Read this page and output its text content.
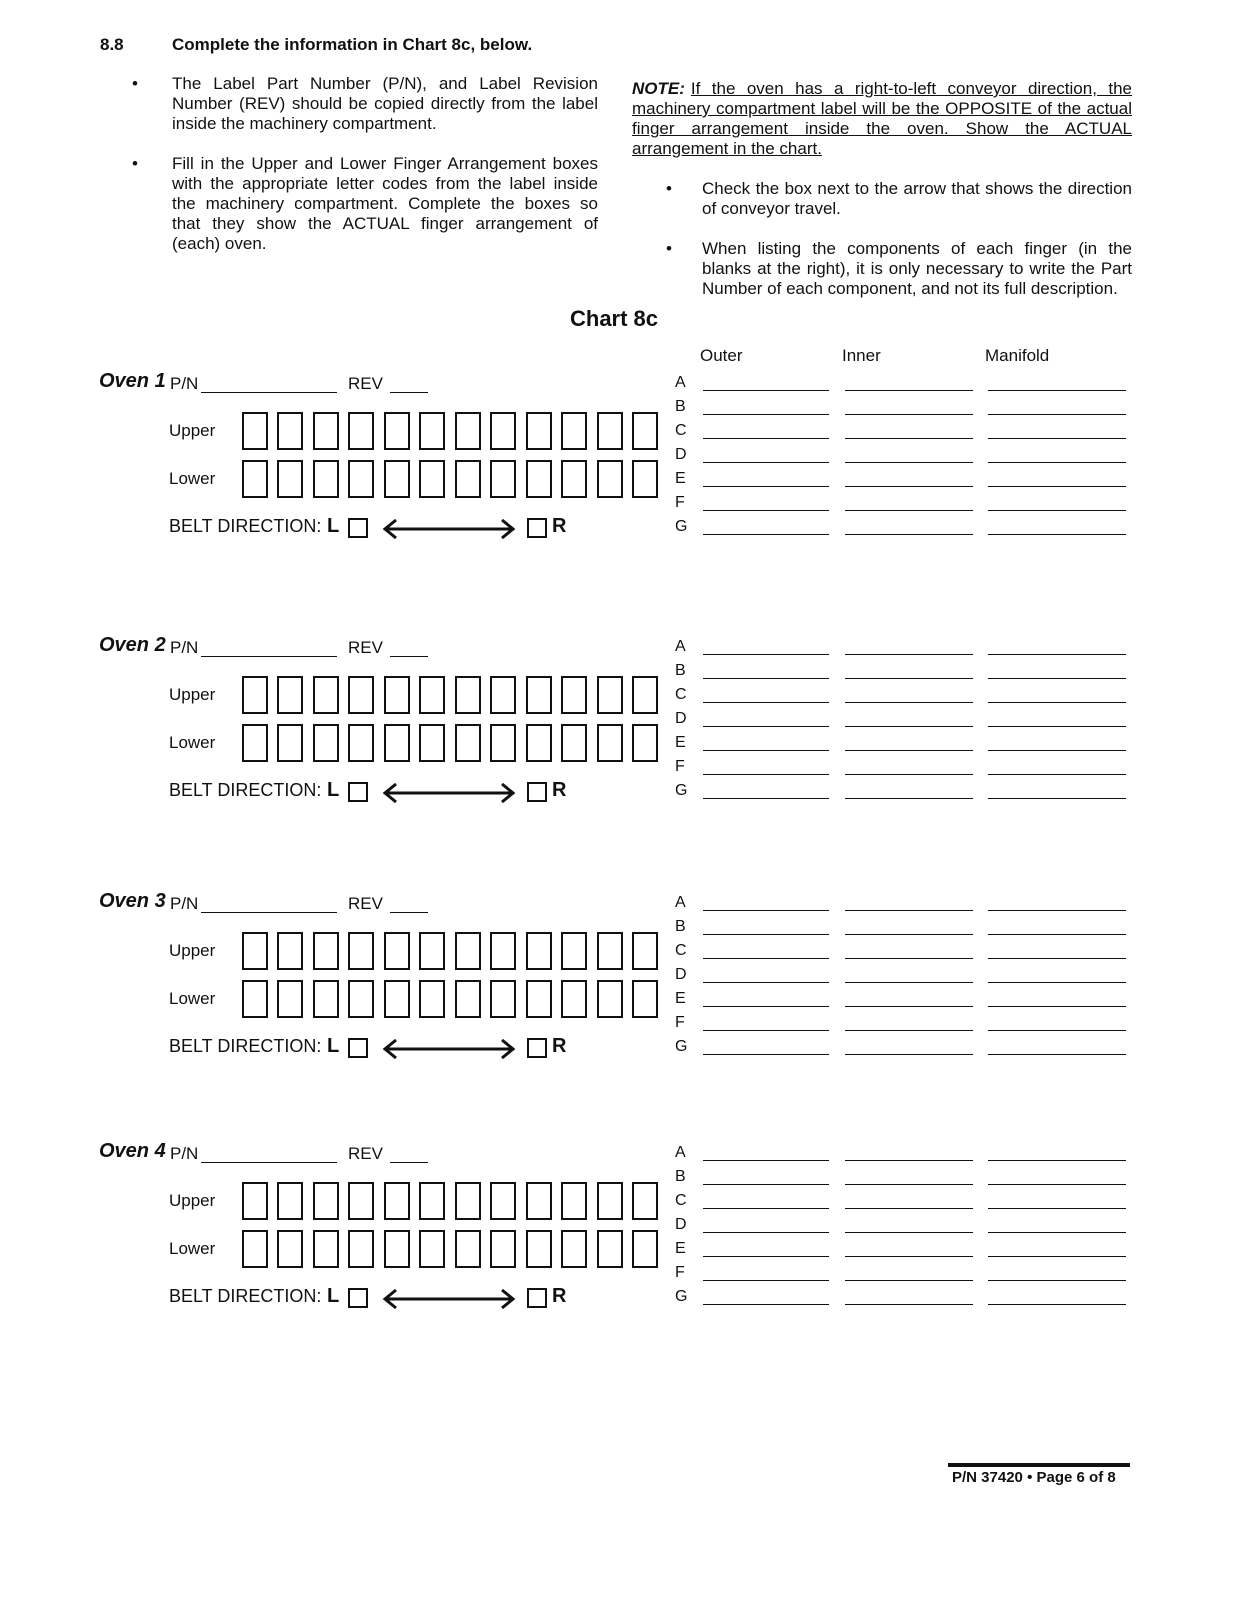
8.8	Complete the information in Chart 8c, below.
•	The Label Part Number (P/N), and Label Revision Number (REV) should be copied directly from the label inside the machinery compartment.
•	Fill in the Upper and Lower Finger Arrangement boxes with the appropriate letter codes from the label inside the machinery compartment. Complete the boxes so that they show the ACTUAL finger arrangement of (each) oven.
NOTE: If the oven has a right-to-left conveyor direction, the machinery compartment label will be the OPPOSITE of the actual finger arrangement inside the oven. Show the ACTUAL arrangement in the chart.
•	Check the box next to the arrow that shows the direction of conveyor travel.
•	When listing the components of each finger (in the blanks at the right), it is only necessary to write the Part Number of each component, and not its full description.
Chart 8c
Outer	Inner	Manifold
Oven 1 P/N	REV
Upper
Lower
BELT DIRECTION: L	R
A
B
C
D
E
F
G
Oven 2 P/N	REV
Upper
Lower
BELT DIRECTION: L	R
A
B
C
D
E
F
G
Oven 3 P/N	REV
Upper
Lower
BELT DIRECTION: L	R
A
B
C
D
E
F
G
Oven 4 P/N	REV
Upper
Lower
BELT DIRECTION: L	R
A
B
C
D
E
F
G
P/N 37420 • Page 6 of 8
